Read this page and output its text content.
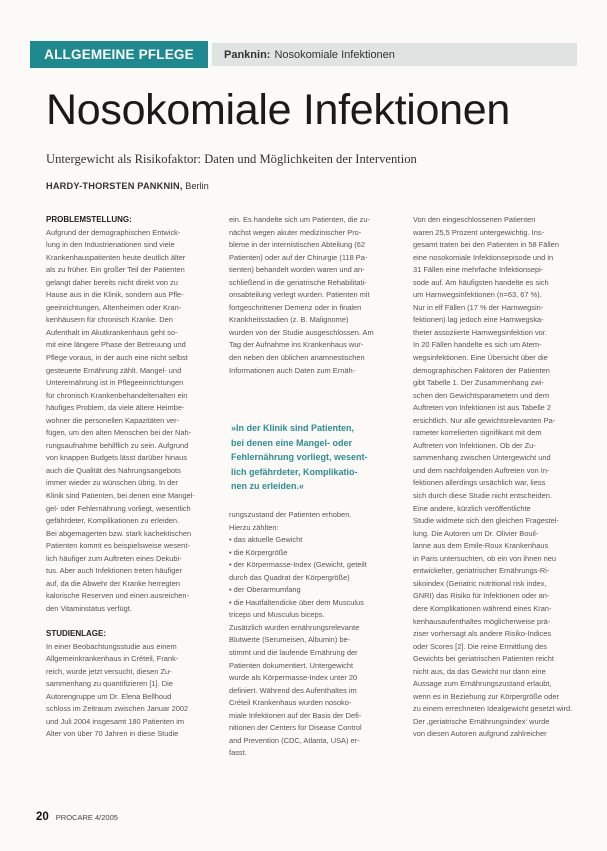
ALLGEMEINE PFLEGE	Panknin: Nosokomiale Infektionen
Nosokomiale Infektionen
Untergewicht als Risikofaktor: Daten und Möglichkeiten der Intervention
HARDY-THORSTEN PANKNIN, Berlin
PROBLEMSTELLUNG:
Aufgrund der demographischen Entwick-
lung in den Industrienationen sind viele
Krankenhauspatienten heute deutlich älter
als zu früher. Ein großer Teil der Patienten
gelangt daher bereits nicht direkt von zu
Hause aus in die Klinik, sondern aus Pfle-
geeinrichtungen, Altenheimen oder Kran-
kenhäusern für chronisch Kranke. Den
Aufenthalt im Akutkrankenhaus geht so-
mit eine längere Phase der Betreuung und
Pflege voraus, in der auch eine nicht selbst
gesteuerte Ernährung zählt. Mangel- und
Unterernährung ist in Pflegeeinrichtungen
für chronisch Krankenbehandeltenalten ein
häufiges Problem, da viele ältere Heimbe-
wohner die personellen Kapazitäten ver-
fügen, um den alten Menschen bei der Nah-
rungsaufnahme behilflich zu sein. Aufgrund
von knappen Budgets lässt darüber hinaus
auch die Qualität des Nahrungsangebots
immer wieder zu wünschen übrig. In der
Klinik sind Patienten, bei denen eine Mangel-
gel- oder Fehlernährung vorliegt, wesentlich
gefährdeter, Komplikationen zu erleiden.
Bei abgemagerten bzw. stark kachektischen
Patienten kommt es beispielsweise wesent-
lich häufiger zum Auftreten eines Dekubi-
tus. Aber auch Infektionen treten häufiger
auf, da die Abwehr der Kranke herregten
kalorische Reserven und einen ausreichen-
den Vitaminstatus verfügt.
STUDIENLAGE:
In einer Beobachtungsstudie aus einem
Allgemeinkrankenhaus in Créteil, Frank-
reich, wurde jetzt versucht, diesen Zu-
sammenhang zu quantifizieren [1]. Die
Autorengruppe um Dr. Elena Bellhoud
schloss im Zeitraum zwischen Januar 2002
und Juli 2004 insgesamt 180 Patienten im
Alter von über 70 Jahren in diese Studie
ein. Es handelte sich um Patienten, die zu-
nächst wegen akuter medizinischer Pro-
bleme in der internistischen Abteilung (62
Patienten) oder auf der Chirurgie (118 Pa-
tienten) behandelt worden waren und an-
schließend in die geriatrische Rehabilitati-
onsabteilung verlegt wurden. Patienten mit
fortgeschrittener Demenz oder in finalen
Krankheitsstadien (z. B. Malignome)
wurden von der Studie ausgeschlossen. Am
Tag der Aufnahme ins Krankenhaus wur-
den neben den üblichen anamnestischen
Informationen auch Daten zum Ernäh-
»In der Klinik sind Patienten,
bei denen eine Mangel- oder
Fehlernährung vorliegt, wesent-
lich gefährdeter, Komplikatio-
nen zu erleiden.«
rungszustand der Patienten erhoben.
Hierzu zählten:
• das aktuelle Gewicht
• die Körpergröße
• der Körpermasse-Index (Gewicht, geteilt
durch das Quadrat der Körpergröße)
• der Oberarmumfang
• die Hautfaltendicke über dem Musculus
triceps und Musculus biceps.
Zusätzlich wurden ernährungsrelevante
Blutwerte (Serumeisen, Albumin) be-
stimmt und die laufende Ernährung der
Patienten dokumentiert. Untergewicht
wurde als Körpermasse-Index unter 20
definiert. Während des Aufenthaltes im
Créteil Krankenhaus wurden nosoko-
miale Infektionen auf der Basis der Defi-
nitionen der Centers for Disease Control
and Prevention (CDC, Atlanta, USA) er-
fasst.
Von den eingeschlossenen Patienten
waren 25,5 Prozent untergewichtig. Ins-
gesamt traten bei den Patienten in 58 Fällen
eine nosokomiale Infektionsepisode und in
31 Fällen eine mehrfache Infektionsepi-
sode auf. Am häufigsten handelte es sich
um Harnwegsinfektionen (n=63, 67 %).
Nur in elf Fällen (17 % der Harnwegsin-
fektionen) lag jedoch eine Harnwegska-
theter assoziierte Harnwegsinfektion vor.
In 20 Fällen handelte es sich um Atem-
wegsinfektionen. Eine Übersicht über die
demographischen Faktoren der Patienten
gibt Tabelle 1. Der Zusammenhang zwi-
schen den Gewichtsparametern und dem
Auftreten von Infektionen ist aus Tabelle 2
ersichtlich. Nur alle gewichtsrelevanten Pa-
rameter korrelierten signifikant mit dem
Auftreten von Infektionen. Ob der Zu-
sammenhang zwischen Untergewicht und
und dem nachfolgenden Auftreten von In-
fektionen allerdings ursächlich war, liess
sich durch diese Studie nicht entscheiden.
Eine andere, kürzlich veröffentlichte
Studie widmete sich den gleichen Fragestel-
lung. Die Autoren um Dr. Olivier Bouil-
lanne aus dem Emile-Roux Krankenhaus
in Paris untersuchten, ob ein von ihnen neu
entwickelter, geriatrischer Ernährungs-Ri-
sikoindex (Geriatric nutritional risk index,
GNRI) das Risiko für Infektionen oder an-
dere Komplikationen während eines Kran-
kenhausaufenthaltes möglicherweise prä-
ziser vorhersagt als andere Risiko-Indices
oder Scores [2]. Die reine Ermittlung des
Gewichts bei geriatrischen Patienten reicht
nicht aus, da das Gewicht nur dann eine
Aussage zum Ernährungszustand erlaubt,
wenn es in Beziehung zur Körpergröße oder
zu einem errechneten Idealgewicht gesetzt wird.
Der ‚geriatrische Ernährungsindex‘ wurde
von diesen Autoren aufgrund zahlreicher
20 PROCARE 4/2005
